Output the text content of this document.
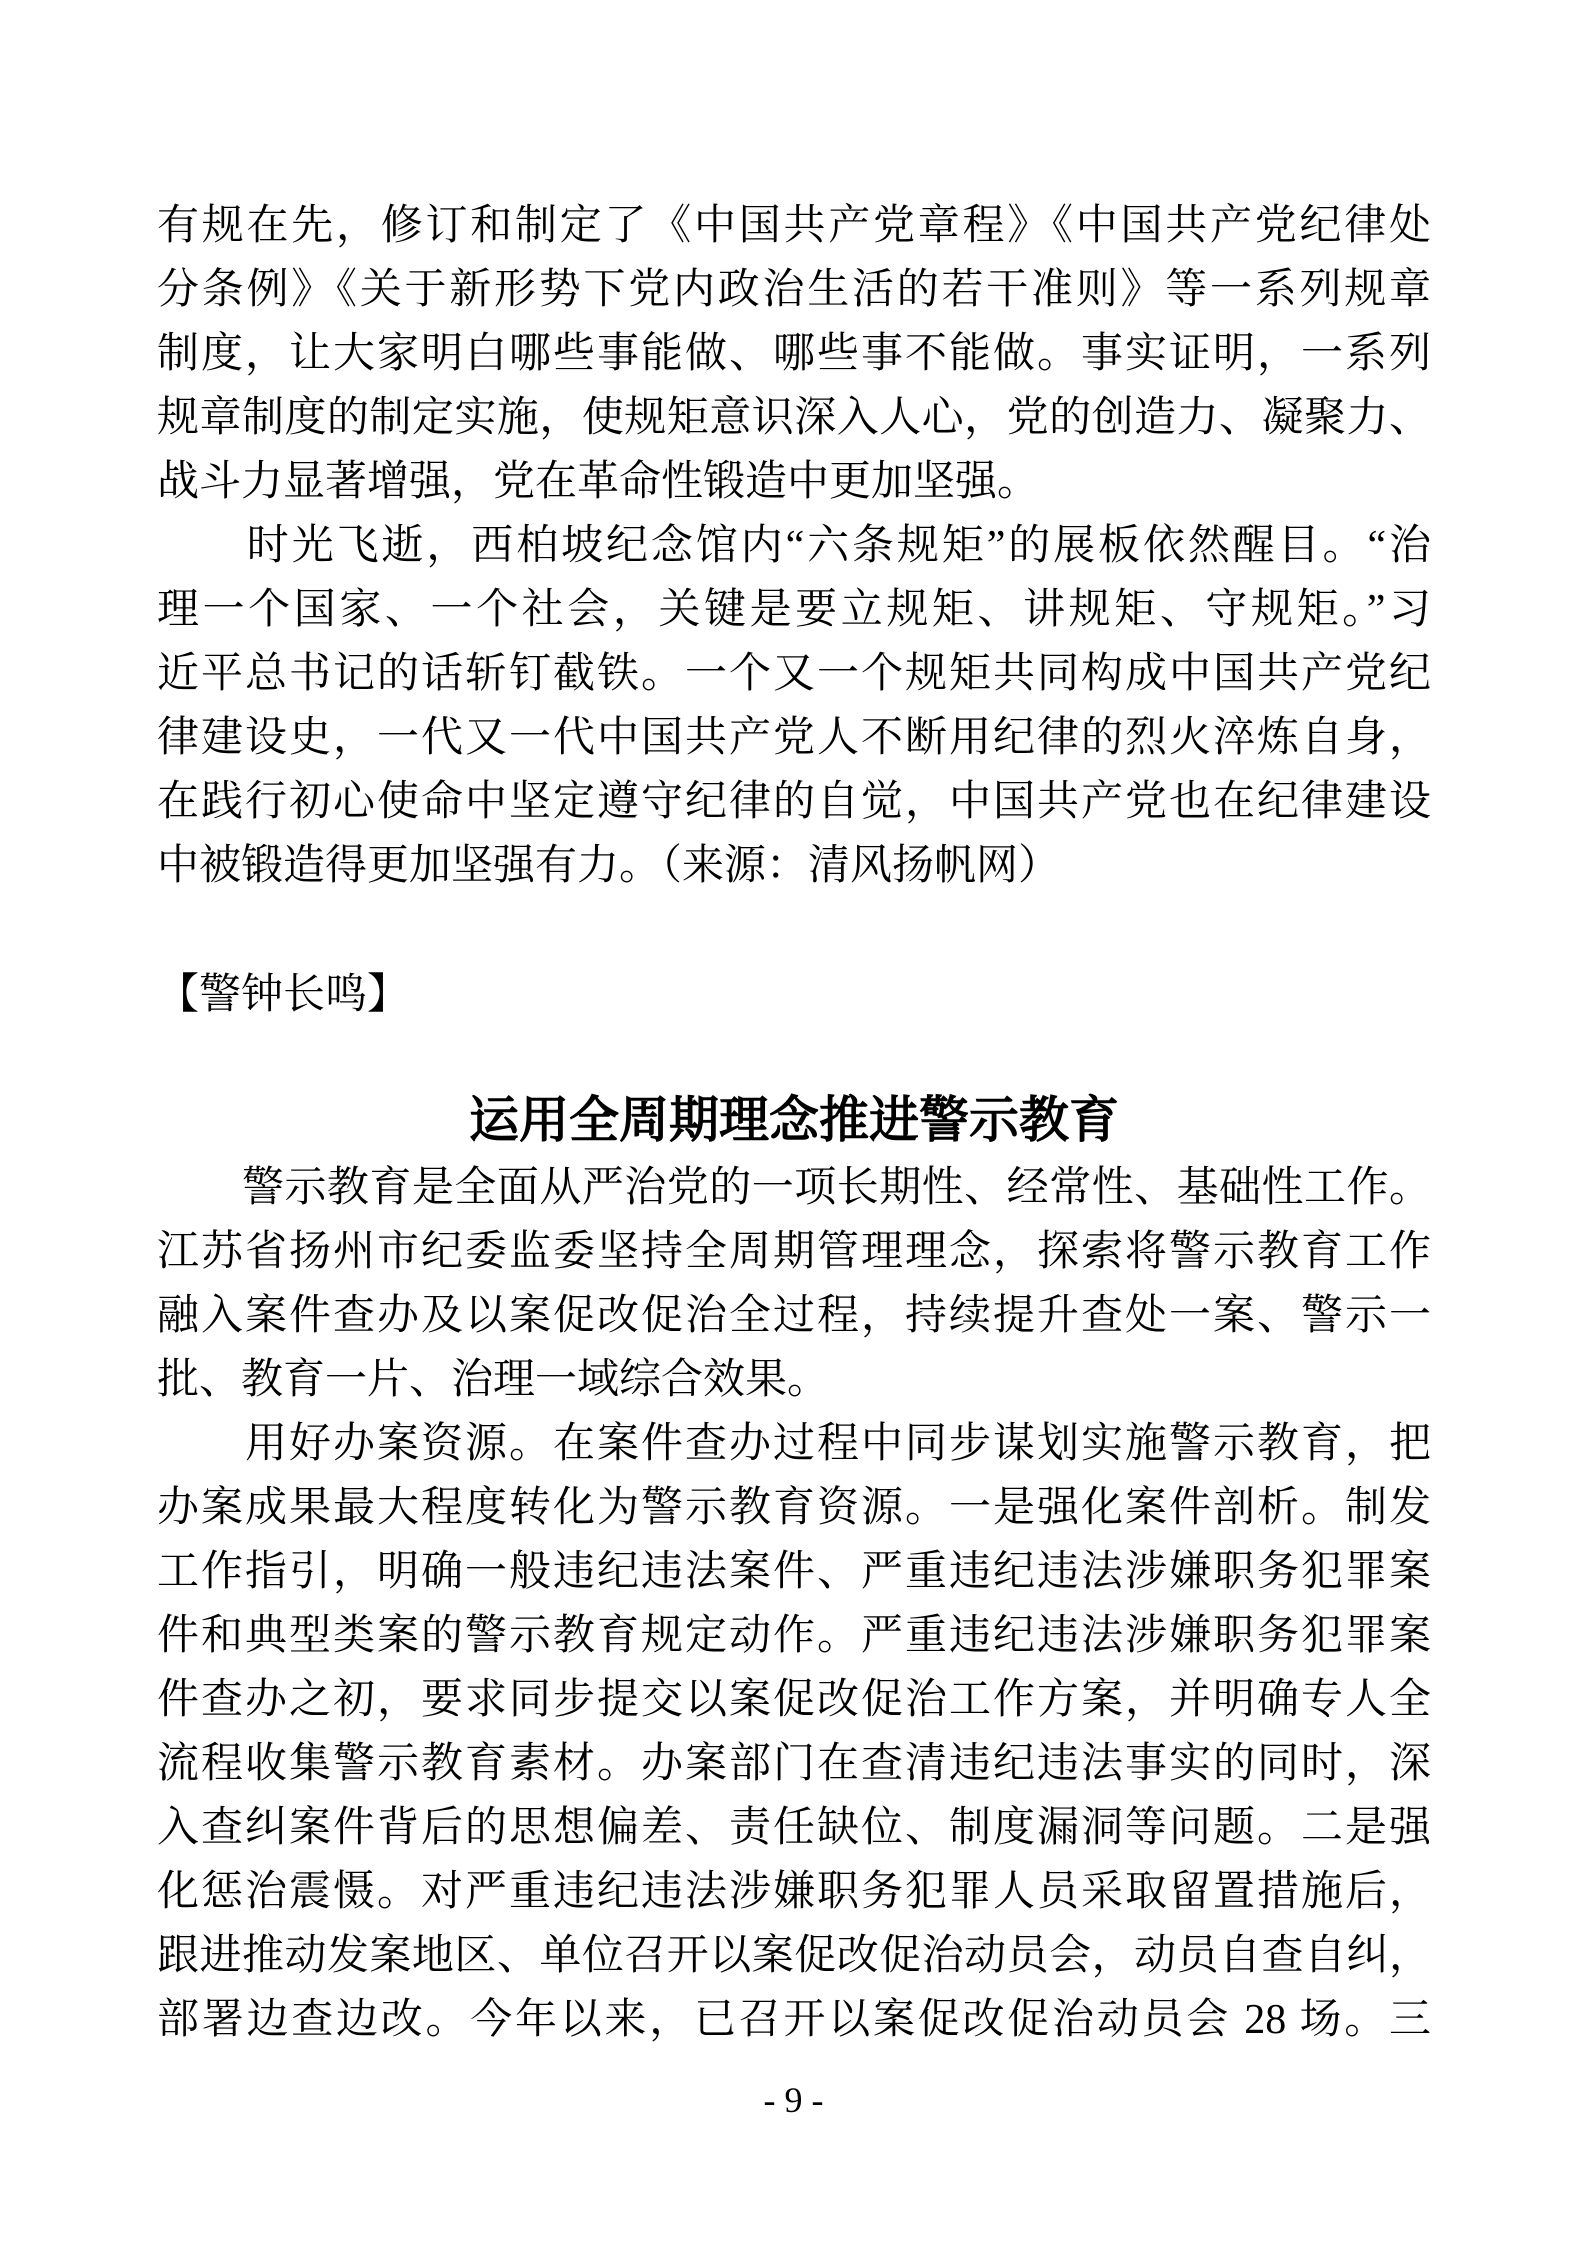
有规在先，修订和制定了《中国共产党章程》《中国共产党纪律处
分条例》《关于新形势下党内政治生活的若干准则》等一系列规章
制度，让大家明白哪些事能做、哪些事不能做。事实证明，一系列
规章制度的制定实施，使规矩意识深入人心，党的创造力、凝聚力、
战斗力显著增强，党在革命性锻造中更加坚强。
　　时光飞逝，西柏坡纪念馆内“六条规矩”的展板依然醒目。“治
理一个国家、一个社会，关键是要立规矩、讲规矩、守规矩。”习
近平总书记的话斩钉截铁。一个又一个规矩共同构成中国共产党纪
律建设史，一代又一代中国共产党人不断用纪律的烈火淬炼自身，
在践行初心使命中坚定遵守纪律的自觉，中国共产党也在纪律建设
中被锻造得更加坚强有力。（来源：清风扬帆网）
【警钟长鸣】
运用全周期理念推进警示教育
　　警示教育是全面从严治党的一项长期性、经常性、基础性工作。
江苏省扬州市纪委监委坚持全周期管理理念，探索将警示教育工作
融入案件查办及以案促改促治全过程，持续提升查处一案、警示一
批、教育一片、治理一域综合效果。
　　用好办案资源。在案件查办过程中同步谋划实施警示教育，把
办案成果最大程度转化为警示教育资源。一是强化案件剖析。制发
工作指引，明确一般违纪违法案件、严重违纪违法涉嫌职务犯罪案
件和典型类案的警示教育规定动作。严重违纪违法涉嫌职务犯罪案
件查办之初，要求同步提交以案促改促治工作方案，并明确专人全
流程收集警示教育素材。办案部门在查清违纪违法事实的同时，深
入查纠案件背后的思想偏差、责任缺位、制度漏洞等问题。二是强
化惩治震慑。对严重违纪违法涉嫌职务犯罪人员采取留置措施后，
跟进推动发案地区、单位召开以案促改促治动员会，动员自查自纠，
部署边查边改。今年以来，已召开以案促改促治动员会 28 场。三
- 9 -
